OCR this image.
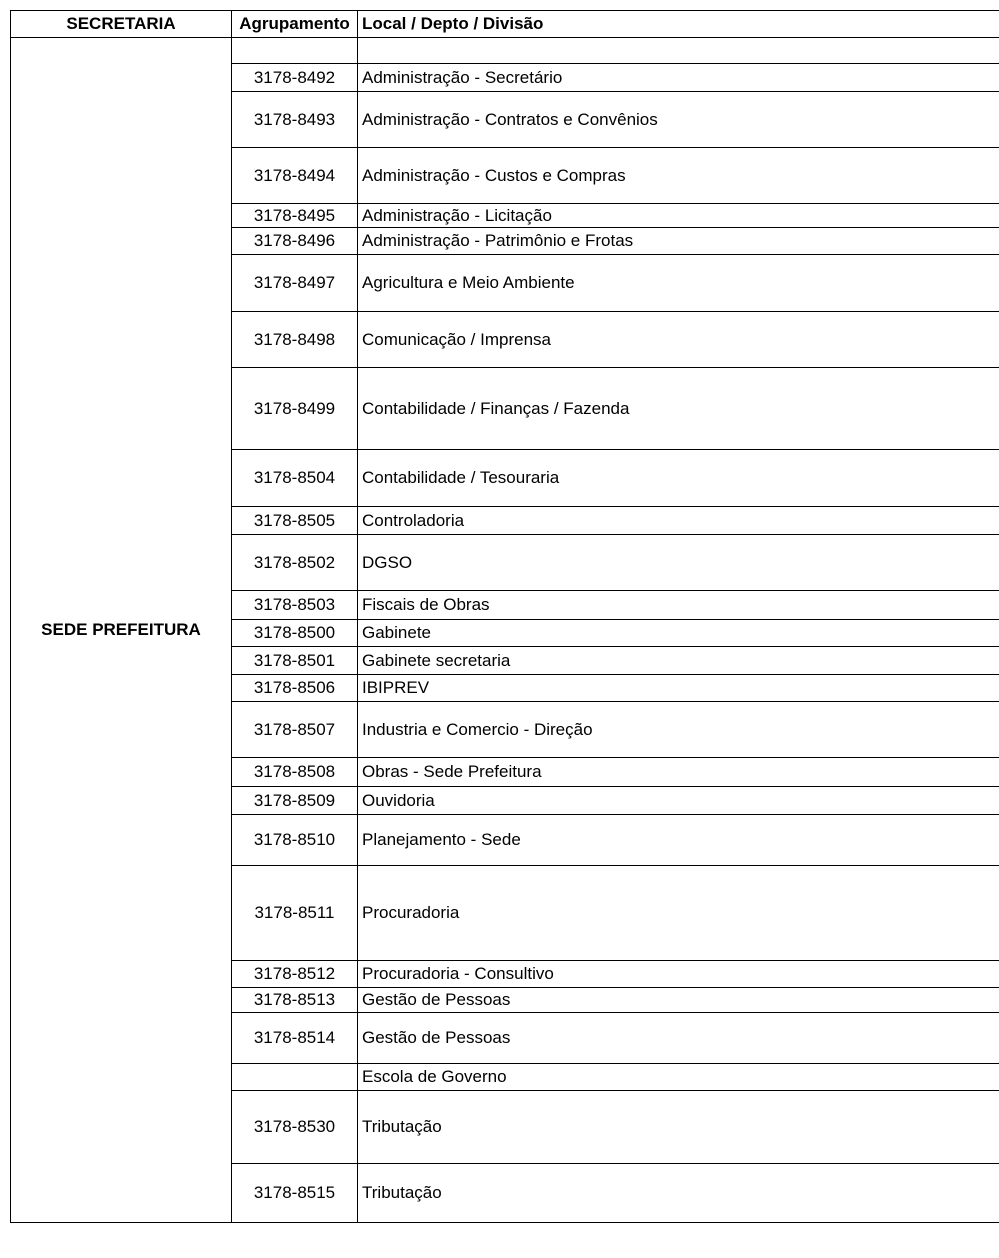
SECRETARIA	Agrupamento	Local / Depto / Divisão
SEDE PREFEITURA		
	3178-8492	Administração - Secretário
	3178-8493	Administração - Contratos e Convênios
	3178-8494	Administração - Custos e Compras
	3178-8495	Administração - Licitação
	3178-8496	Administração - Patrimônio e Frotas
	3178-8497	Agricultura e Meio Ambiente
	3178-8498	Comunicação / Imprensa
	3178-8499	Contabilidade / Finanças / Fazenda
	3178-8504	Contabilidade / Tesouraria
	3178-8505	Controladoria
	3178-8502	DGSO
	3178-8503	Fiscais de Obras
	3178-8500	Gabinete
	3178-8501	Gabinete secretaria
	3178-8506	IBIPREV
	3178-8507	Industria e Comercio - Direção
	3178-8508	Obras - Sede Prefeitura
	3178-8509	Ouvidoria
	3178-8510	Planejamento - Sede
	3178-8511	Procuradoria
	3178-8512	Procuradoria - Consultivo
	3178-8513	Gestão de Pessoas
	3178-8514	Gestão de Pessoas
		Escola de Governo
	3178-8530	Tributação
	3178-8515	Tributação
